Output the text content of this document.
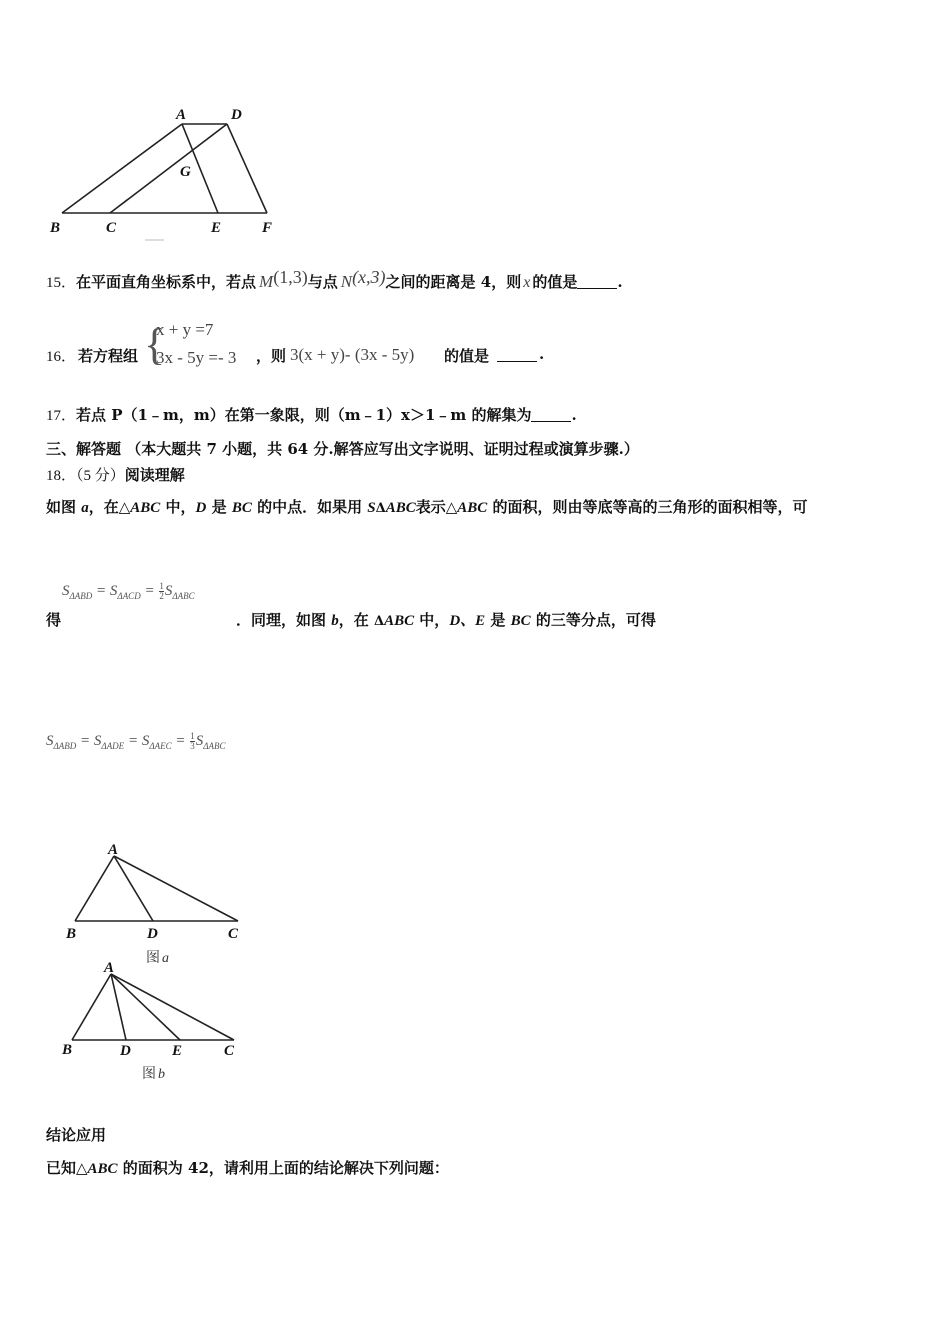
A	D
G
B	C	E	F
15．在平面直角坐标系中，若点 M(1,3)与点 N(x,3)之间的距离是 4，则 x 的值是	.
16． 若方程组 {
x + y =7
3x - 5y =- 3 ，则 3(x + y)- (3x - 5y) 的值是	.
17．若点 P（1﹣m，m）在第一象限，则（m﹣1）x＞1﹣m 的解集为	.
三、解答题 （本大题共 7 小题，共 64 分.解答应写出文字说明、证明过程或演算步骤.）
18．（5 分）阅读理解
如图 a，在△ABC 中，D 是 BC 的中点．如果用 SΔABC表示△ABC 的面积，则由等底等高的三角形的面积相等，可
$S_{\Delta ABD} = S_{\Delta ACD} = \frac{1}{2} S_{\Delta ABC}$
得	．同理，如图 b，在 ΔABC 中，D、E 是 BC 的三等分点，可得
$S_{\Delta ABD} = S_{\Delta ADE} = S_{\Delta AEC} = \frac{1}{3} S_{\Delta ABC}$
A
B	D	C
图 a
A
B	D	E	C
图 b
结论应用
已知△ABC 的面积为 42，请利用上面的结论解决下列问题：
